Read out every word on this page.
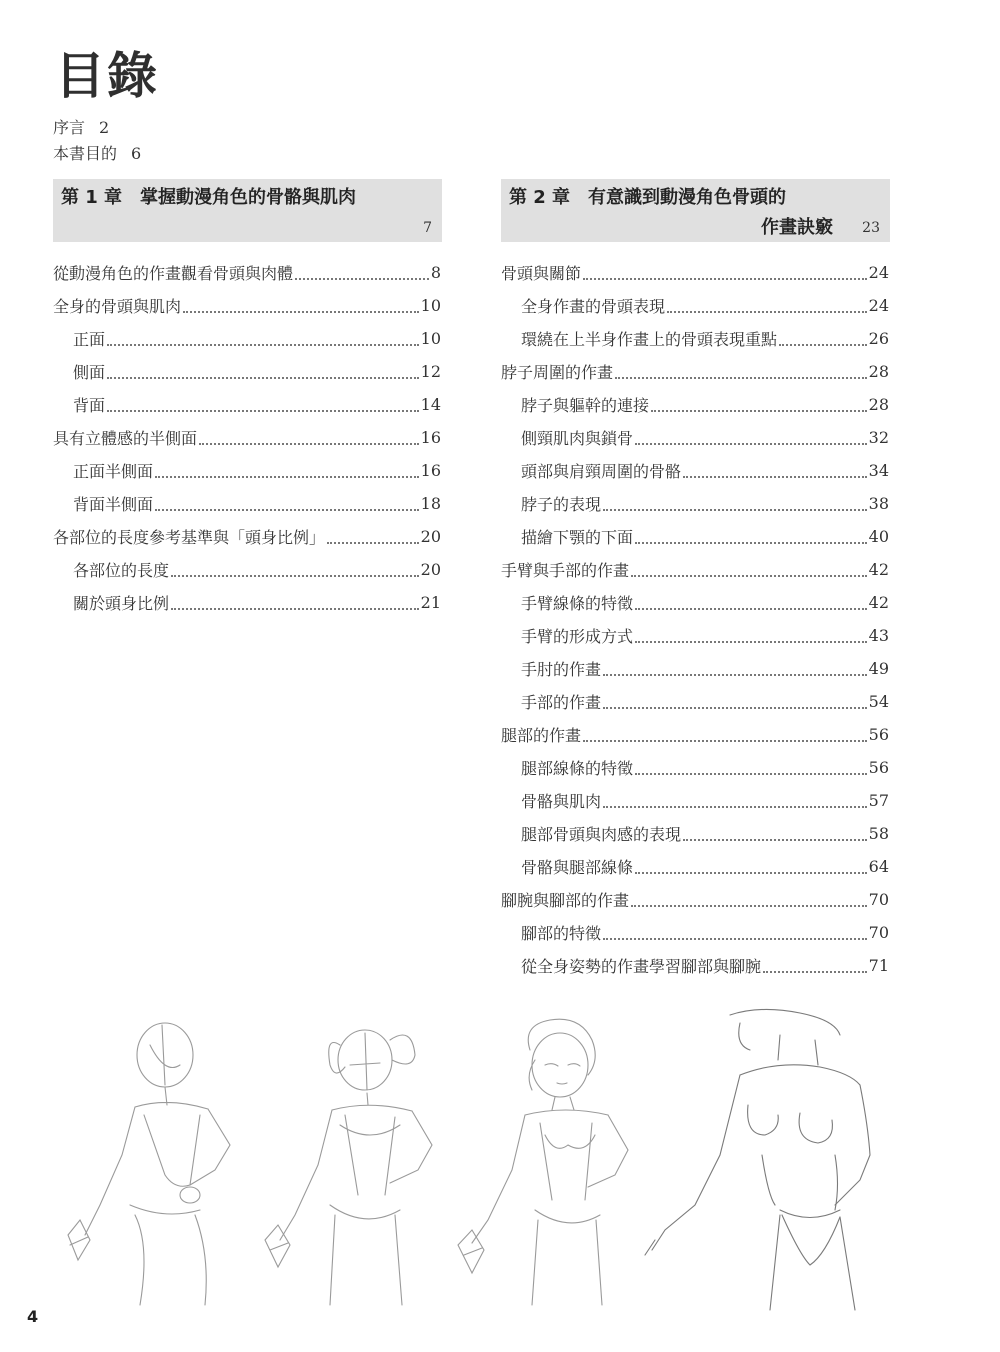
目錄
序言 2
本書目的 6
第 1 章　掌握動漫角色的骨骼與肌肉
7
第 2 章　有意識到動漫角色骨頭的
作畫訣竅 23
從動漫角色的作畫觀看骨頭與肉體	8
全身的骨頭與肌肉	10
正面	10
側面	12
背面	14
具有立體感的半側面	16
正面半側面	16
背面半側面	18
各部位的長度參考基準與「頭身比例」	20
各部位的長度	20
關於頭身比例	21
骨頭與關節	24
全身作畫的骨頭表現	24
環繞在上半身作畫上的骨頭表現重點	26
脖子周圍的作畫	28
脖子與軀幹的連接	28
側頸肌肉與鎖骨	32
頭部與肩頸周圍的骨骼	34
脖子的表現	38
描繪下顎的下面	40
手臂與手部的作畫	42
手臂線條的特徵	42
手臂的形成方式	43
手肘的作畫	49
手部的作畫	54
腿部的作畫	56
腿部線條的特徵	56
骨骼與肌肉	57
腿部骨頭與肉感的表現	58
骨骼與腿部線條	64
腳腕與腳部的作畫	70
腳部的特徵	70
從全身姿勢的作畫學習腳部與腳腕	71
4
